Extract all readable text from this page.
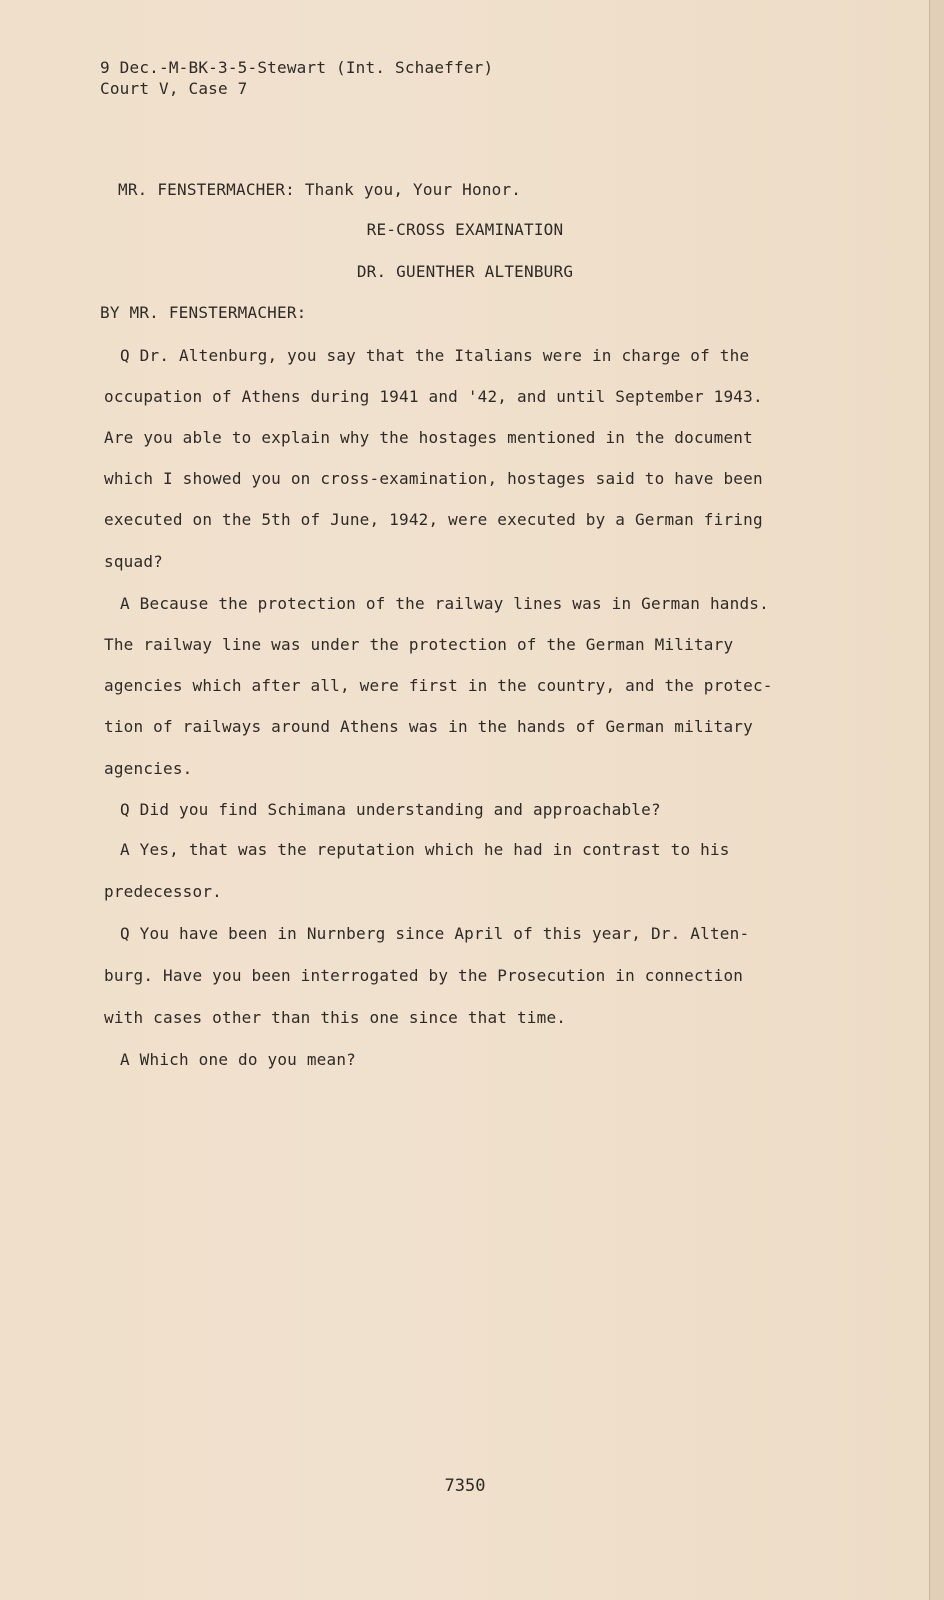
9 Dec.-M-BK-3-5-Stewart (Int. Schaeffer)
Court V, Case 7
MR. FENSTERMACHER: Thank you, Your Honor.
RE-CROSS EXAMINATION
DR. GUENTHER ALTENBURG
BY MR. FENSTERMACHER:
Q Dr. Altenburg, you say that the Italians were in charge of the
occupation of Athens during 1941 and '42, and until September 1943.
Are you able to explain why the hostages mentioned in the document
which I showed you on cross-examination, hostages said to have been
executed on the 5th of June, 1942, were executed by a German firing
squad?
A Because the protection of the railway lines was in German hands.
The railway line was under the protection of the German Military
agencies which after all, were first in the country, and the protec-
tion of railways around Athens was in the hands of German military
agencies.
Q Did you find Schimana understanding and approachable?
A Yes, that was the reputation which he had in contrast to his
predecessor.
Q You have been in Nurnberg since April of this year, Dr. Alten-
burg. Have you been interrogated by the Prosecution in connection
with cases other than this one since that time.
A Which one do you mean?
7350
